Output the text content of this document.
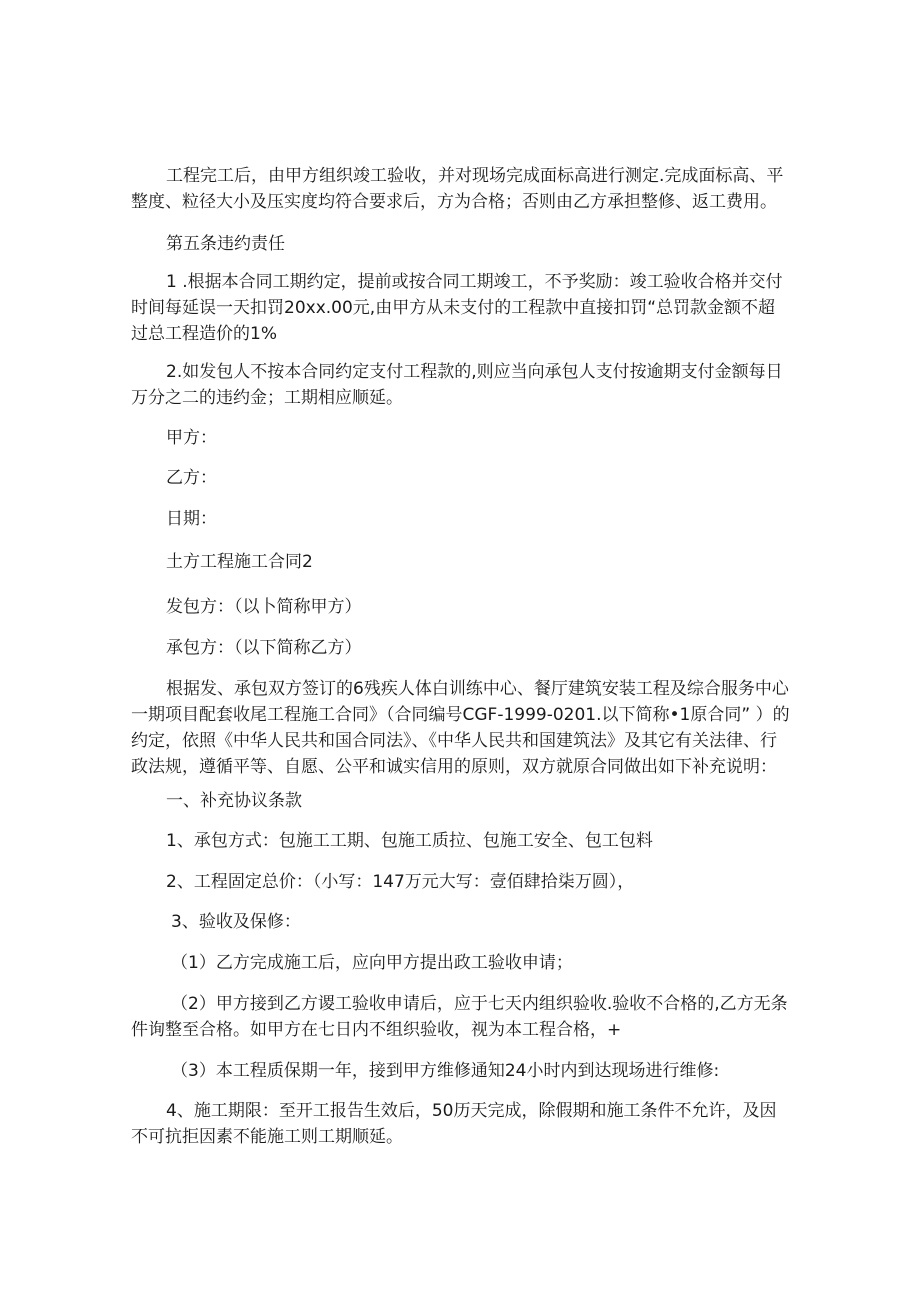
工程完工后，由甲方组织竣工验收，并对现场完成面标高进行测定.完成面标高、平整度、粒径大小及压实度均符合要求后，方为合格；否则由乙方承担整修、返工费用。

第五条违约责任

1 .根据本合同工期约定，提前或按合同工期竣工，不予奖励：竣工验收合格并交付时间每延误一天扣罚20xx.00元,由甲方从未支付的工程款中直接扣罚“总罚款金额不超过总工程造价的1%

2.如发包人不按本合同约定支付工程款的,则应当向承包人支付按逾期支付金额每日万分之二的违约金；工期相应顺延。

甲方：

乙方：

日期：

土方工程施工合同2

发包方：（以卜简称甲方）

承包方：（以下简称乙方）

根据发、承包双方签订的6残疾人体白训练中心、餐厅建筑安装工程及综合服务中心一期项目配套收尾工程施工合同》（合同编号CGF-1999-0201.以下简称•1原合同” ）的约定，依照《中华人民共和国合同法》、《中华人民共和国建筑法》及其它有关法律、行政法规，遵循平等、自愿、公平和诚实信用的原则，双方就原合同做出如下补充说明：

一、补充协议条款

1、承包方式：包施工工期、包施工质拉、包施工安全、包工包料

2、工程固定总价：（小写：147万元大写：壹佰肆拾柒万圆），

3、验收及保修：

（1）乙方完成施工后，应向甲方提出政工验收申请；

（2）甲方接到乙方谡工验收申请后，应于七天内组织验收.验收不合格的,乙方无条件询整至合格。如甲方在七日内不组织验收，视为本工程合格，+

（3）本工程质保期一年，接到甲方维修通知24小时内到达现场进行维修:

4、施工期限：至开工报告生效后，50历天完成，除假期和施工条件不允许，及因不可抗拒因素不能施工则工期顺延。
